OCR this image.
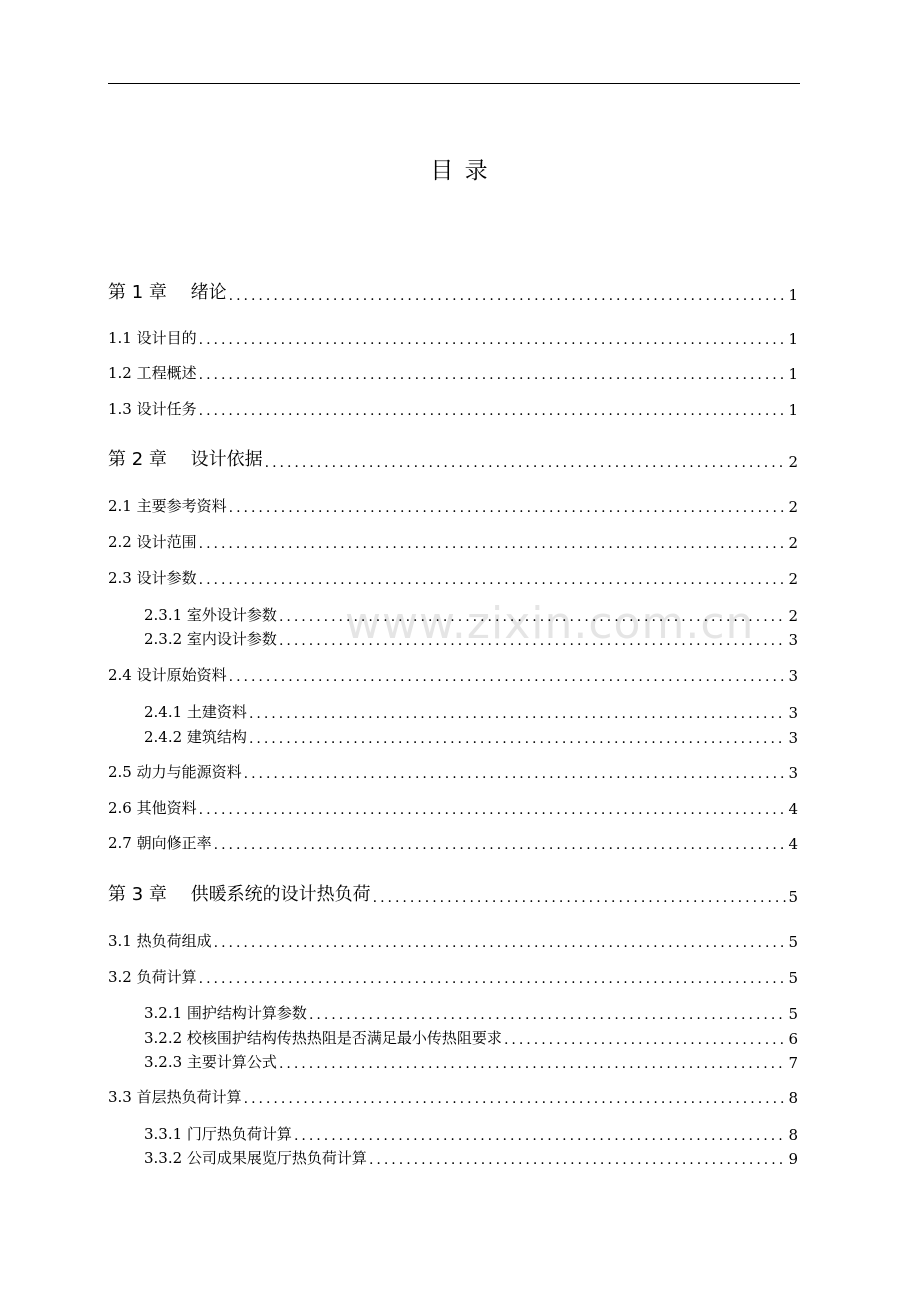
目 录
www.zixin.com.cn
第 1 章　 绪论 .....	1
1.1 设计目的 .....	1
1.2 工程概述 .....	1
1.3 设计任务 .....	1
第 2 章　 设计依据 .....	2
2.1 主要参考资料 .....	2
2.2 设计范围 .....	2
2.3 设计参数 .....	2
2.3.1 室外设计参数 .....	2
2.3.2 室内设计参数 .....	3
2.4 设计原始资料 .....	3
2.4.1 土建资料 .....	3
2.4.2 建筑结构 .....	3
2.5 动力与能源资料 .....	3
2.6 其他资料 .....	4
2.7 朝向修正率 .....	4
第 3 章　 供暖系统的设计热负荷 .....	5
3.1 热负荷组成 .....	5
3.2 负荷计算 .....	5
3.2.1 围护结构计算参数 .....	5
3.2.2 校核围护结构传热热阻是否满足最小传热阻要求 .....	6
3.2.3 主要计算公式 .....	7
3.3 首层热负荷计算 .....	8
3.3.1 门厅热负荷计算 .....	8
3.3.2 公司成果展览厅热负荷计算 .....	9
